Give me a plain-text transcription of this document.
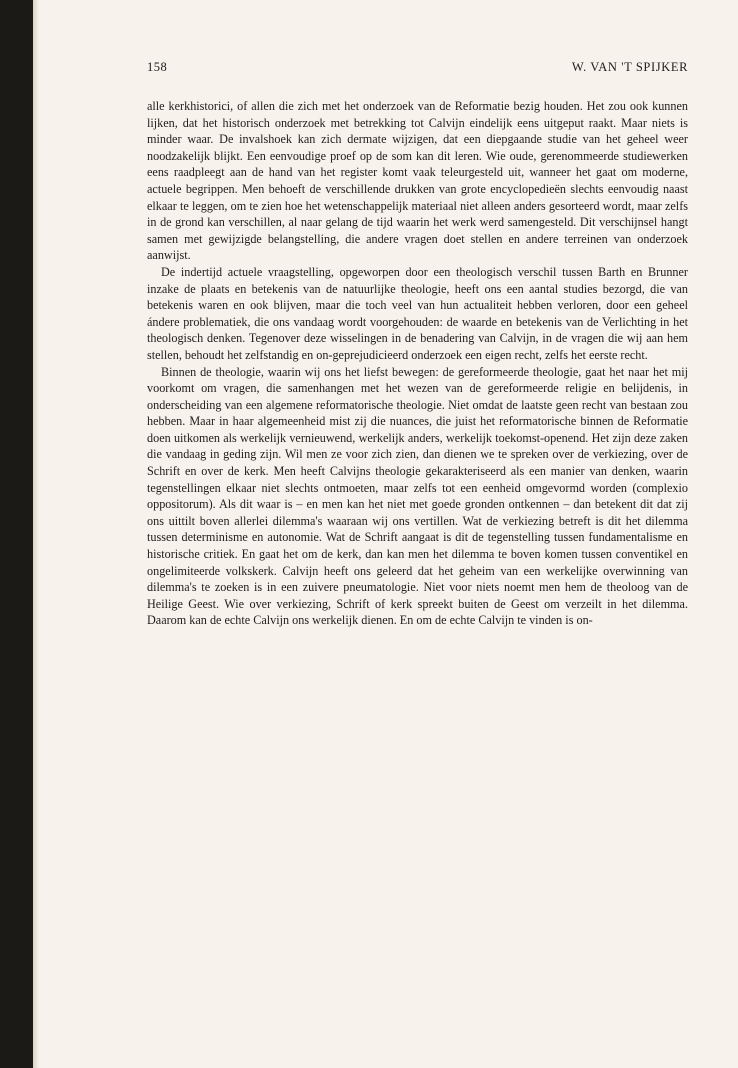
158	W. VAN 'T SPIJKER

alle kerkhistorici, of allen die zich met het onderzoek van de Reformatie bezig houden. Het zou ook kunnen lijken, dat het historisch onderzoek met betrekking tot Calvijn eindelijk eens uitgeput raakt. Maar niets is minder waar. De invalshoek kan zich dermate wijzigen, dat een diepgaande studie van het geheel weer noodzakelijk blijkt. Een eenvoudige proef op de som kan dit leren. Wie oude, gerenommeerde studiewerken eens raadpleegt aan de hand van het register komt vaak teleurgesteld uit, wanneer het gaat om moderne, actuele begrippen. Men behoeft de verschillende drukken van grote encyclopedieën slechts eenvoudig naast elkaar te leggen, om te zien hoe het wetenschappelijk materiaal niet alleen anders gesorteerd wordt, maar zelfs in de grond kan verschillen, al naar gelang de tijd waarin het werk werd samengesteld. Dit verschijnsel hangt samen met gewijzigde belangstelling, die andere vragen doet stellen en andere terreinen van onderzoek aanwijst.

De indertijd actuele vraagstelling, opgeworpen door een theologisch verschil tussen Barth en Brunner inzake de plaats en betekenis van de natuurlijke theologie, heeft ons een aantal studies bezorgd, die van betekenis waren en ook blijven, maar die toch veel van hun actualiteit hebben verloren, door een geheel ándere problematiek, die ons vandaag wordt voorgehouden: de waarde en betekenis van de Verlichting in het theologisch denken. Tegenover deze wisselingen in de benadering van Calvijn, in de vragen die wij aan hem stellen, behoudt het zelfstandig en on-geprejudicieerd onderzoek een eigen recht, zelfs het eerste recht.

Binnen de theologie, waarin wij ons het liefst bewegen: de gereformeerde theologie, gaat het naar het mij voorkomt om vragen, die samenhangen met het wezen van de gereformeerde religie en belijdenis, in onderscheiding van een algemene reformatorische theologie. Niet omdat de laatste geen recht van bestaan zou hebben. Maar in haar algemeenheid mist zij die nuances, die juist het reformatorische binnen de Reformatie doen uitkomen als werkelijk vernieuwend, werkelijk anders, werkelijk toekomst-openend. Het zijn deze zaken die vandaag in geding zijn. Wil men ze voor zich zien, dan dienen we te spreken over de verkiezing, over de Schrift en over de kerk. Men heeft Calvijns theologie gekarakteriseerd als een manier van denken, waarin tegenstellingen elkaar niet slechts ontmoeten, maar zelfs tot een eenheid omgevormd worden (complexio oppositorum). Als dit waar is – en men kan het niet met goede gronden ontkennen – dan betekent dit dat zij ons uittilt boven allerlei dilemma's waaraan wij ons vertillen. Wat de verkiezing betreft is dit het dilemma tussen determinisme en autonomie. Wat de Schrift aangaat is dit de tegenstelling tussen fundamentalisme en historische critiek. En gaat het om de kerk, dan kan men het dilemma te boven komen tussen conventikel en ongelimiteerde volkskerk. Calvijn heeft ons geleerd dat het geheim van een werkelijke overwinning van dilemma's te zoeken is in een zuivere pneumatologie. Niet voor niets noemt men hem de theoloog van de Heilige Geest. Wie over verkiezing, Schrift of kerk spreekt buiten de Geest om verzeilt in het dilemma. Daarom kan de echte Calvijn ons werkelijk dienen. En om de echte Calvijn te vinden is on-
